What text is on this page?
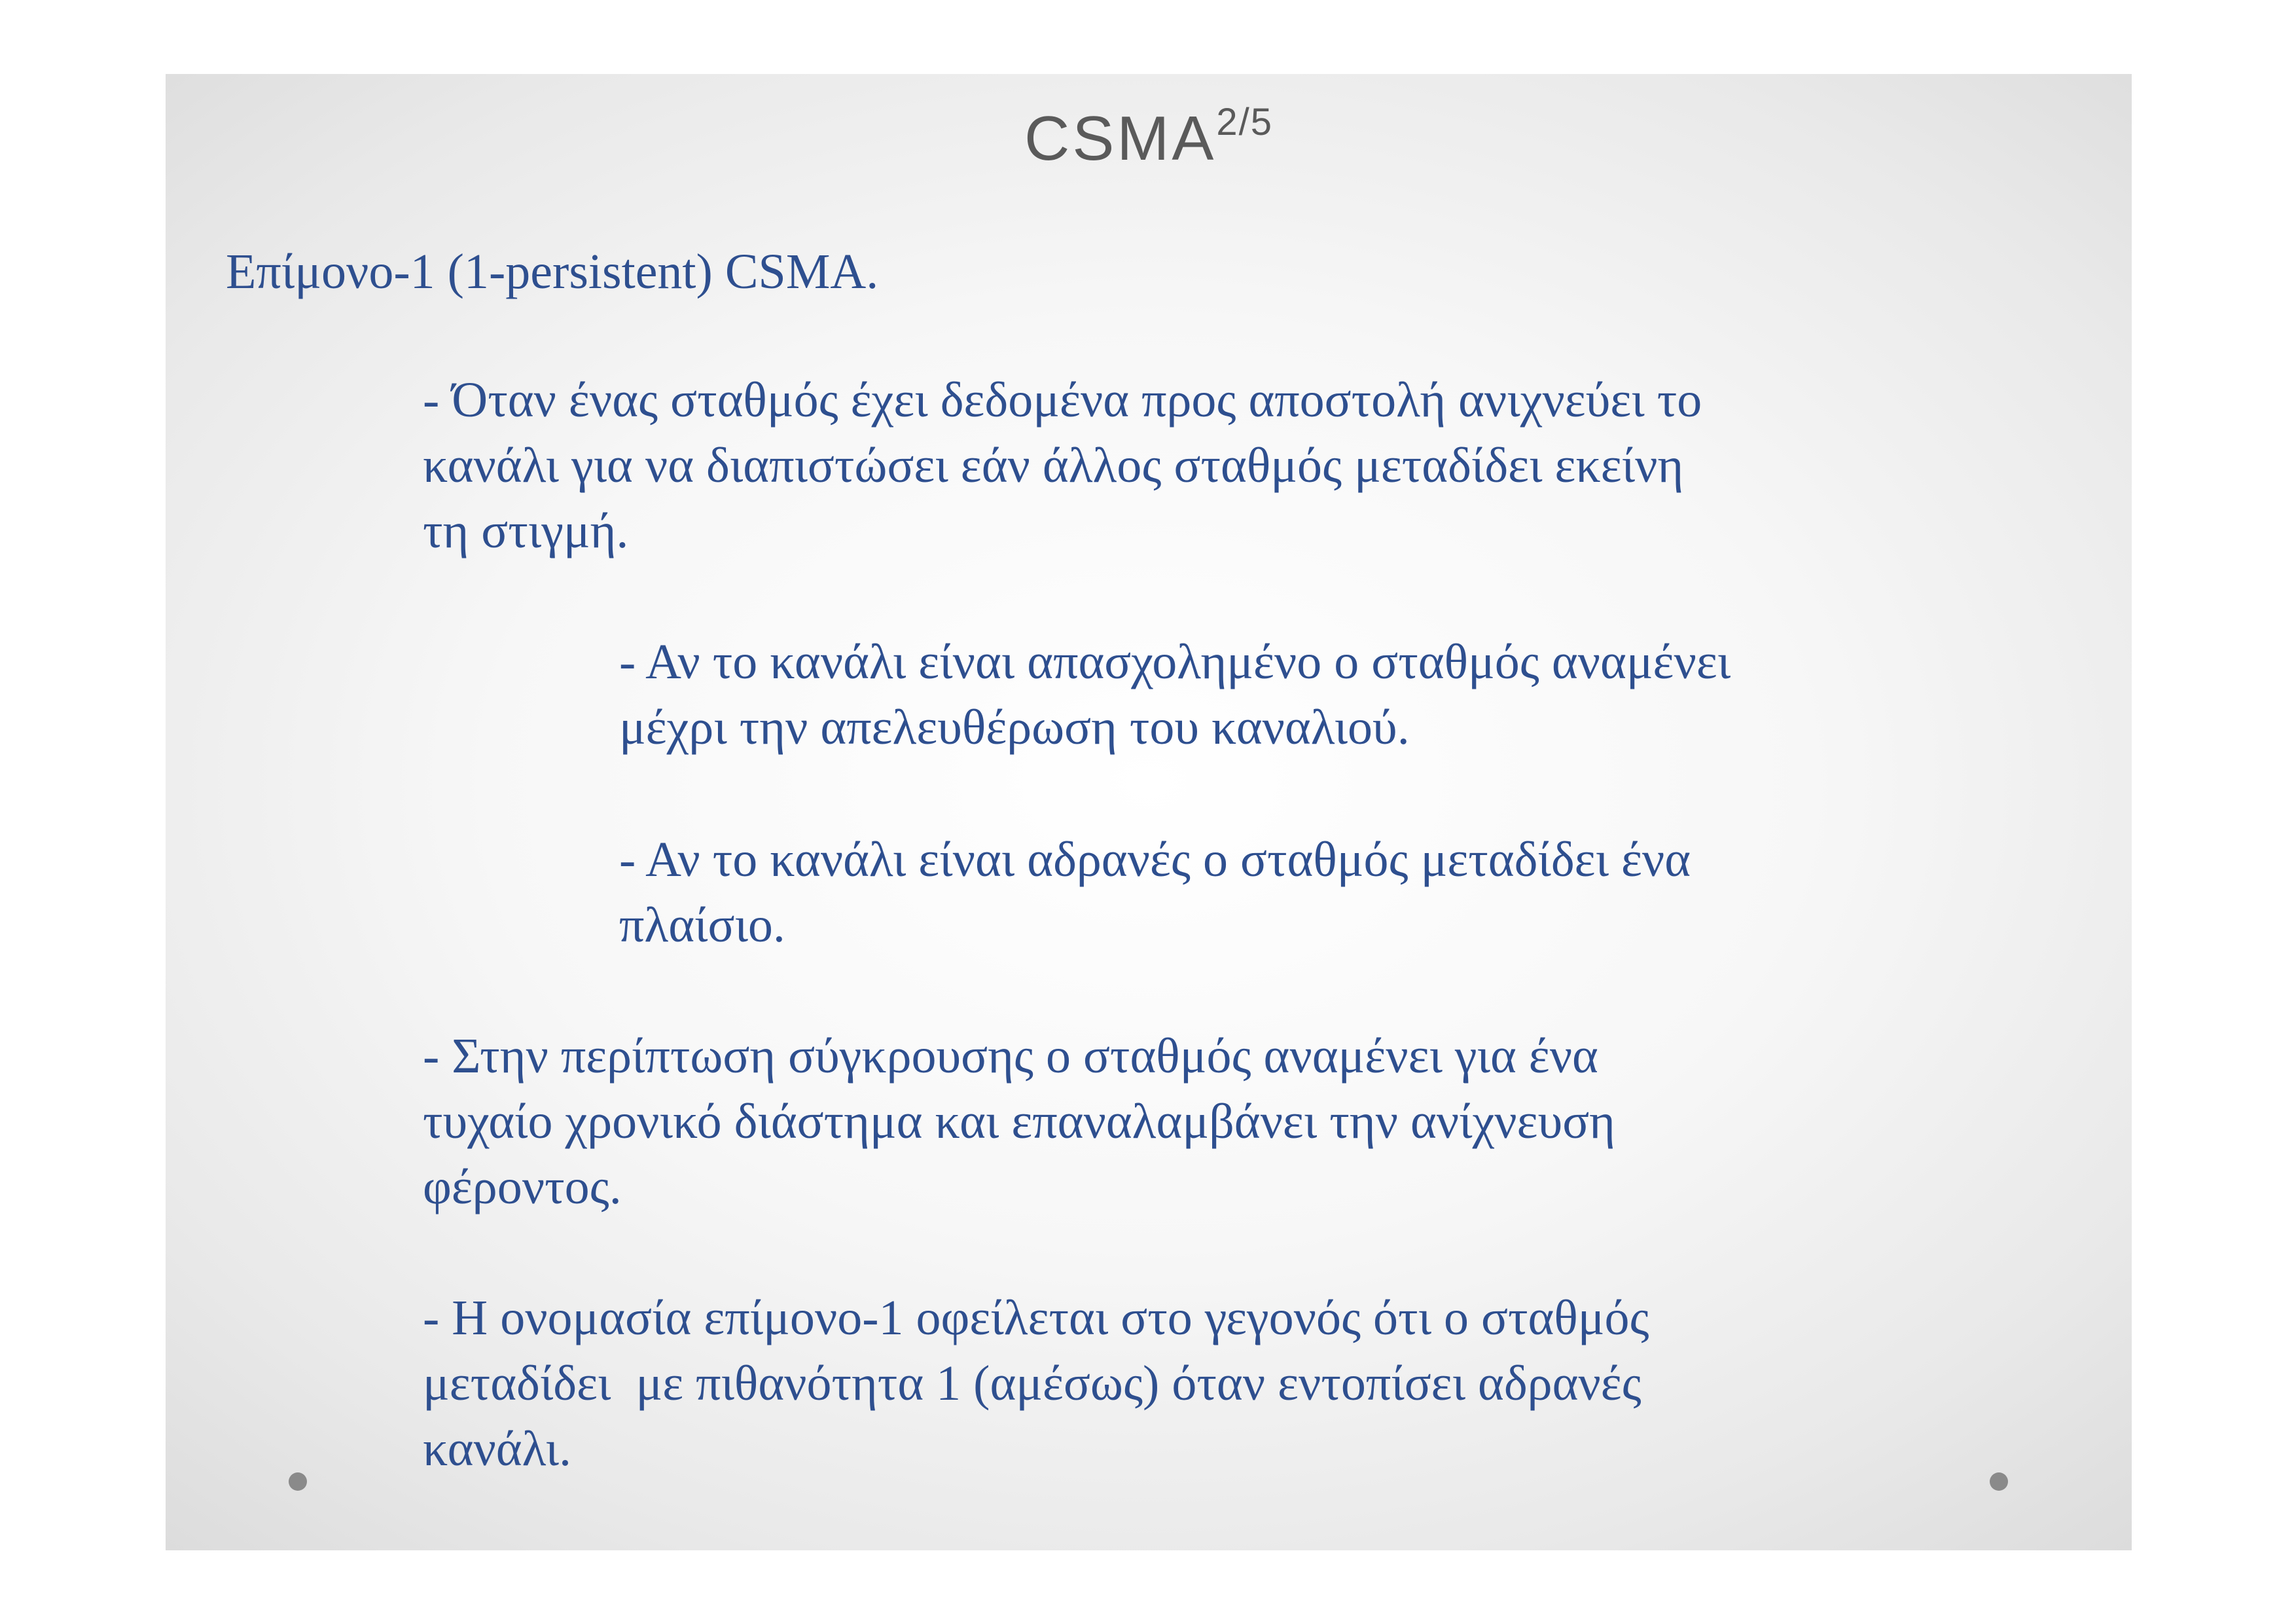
$CSMA^{2/5}$

Επίμονο-1 (1-persistent) CSMA.

- Όταν ένας σταθμός έχει δεδομένα προς αποστολή ανιχνεύει το
κανάλι για να διαπιστώσει εάν άλλος σταθμός μεταδίδει εκείνη
τη στιγμή.
- Αν το κανάλι είναι απασχολημένο ο σταθμός αναμένει
μέχρι την απελευθέρωση του καναλιού.
- Αν το κανάλι είναι αδρανές ο σταθμός μεταδίδει ένα
πλαίσιο.
- Στην περίπτωση σύγκρουσης ο σταθμός αναμένει για ένα
τυχαίο χρονικό διάστημα και επαναλαμβάνει την ανίχνευση
φέροντος.
- Η ονομασία επίμονο-1 οφείλεται στο γεγονός ότι ο σταθμός
μεταδίδει  με πιθανότητα 1 (αμέσως) όταν εντοπίσει αδρανές
κανάλι.
